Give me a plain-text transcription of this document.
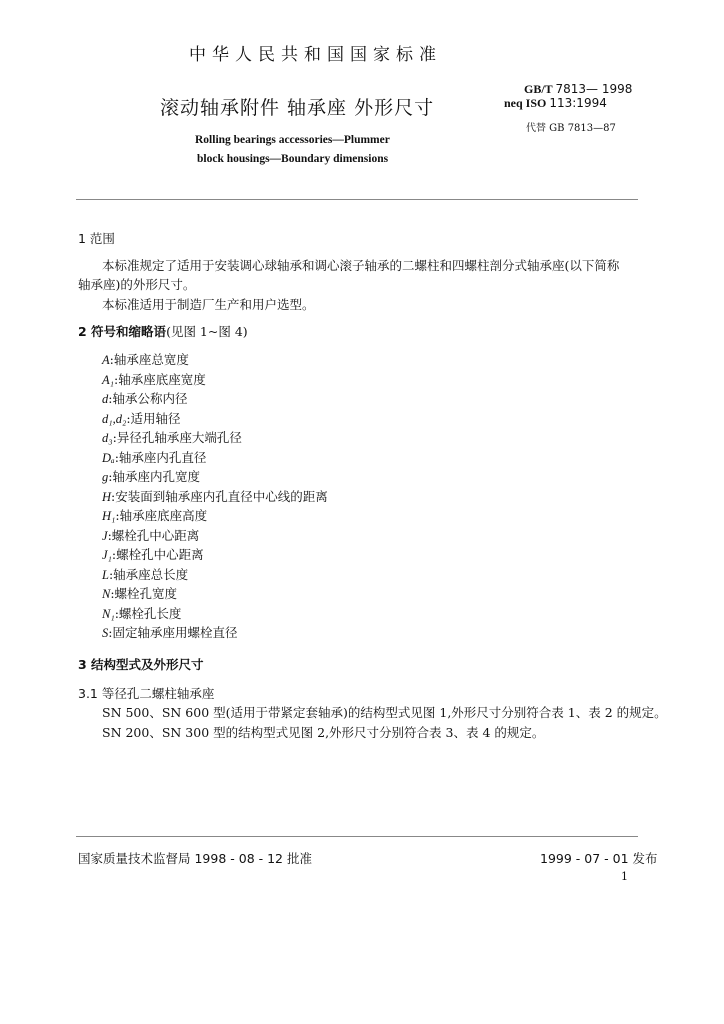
中华人民共和国国家标准
滚动轴承附件 轴承座 外形尺寸
GB/T 7813— 1998
neq ISO 113:1994
代替 GB 7813—87
Rolling bearings accessories—Plummer
block housings—Boundary dimensions
1 范围
本标准规定了适用于安装调心球轴承和调心滚子轴承的二螺柱和四螺柱剖分式轴承座(以下简称
轴承座)的外形尺寸。
本标准适用于制造厂生产和用户选型。
2 符号和缩略语(见图 1~图 4)
A:轴承座总宽度
A₁:轴承座底座宽度
d:轴承公称内径
d₁,d₂:适用轴径
d₃:异径孔轴承座大端孔径
Dₐ:轴承座内孔直径
g:轴承座内孔宽度
H:安装面到轴承座内孔直径中心线的距离
H₁:轴承座底座高度
J:螺栓孔中心距离
J₁:螺栓孔中心距离
L:轴承座总长度
N:螺栓孔宽度
N₁:螺栓孔长度
S:固定轴承座用螺栓直径
3 结构型式及外形尺寸
3.1 等径孔二螺柱轴承座
SN 500、SN 600 型(适用于带紧定套轴承)的结构型式见图 1,外形尺寸分别符合表 1、表 2 的规定。
SN 200、SN 300 型的结构型式见图 2,外形尺寸分别符合表 3、表 4 的规定。
国家质量技术监督局 1998 - 08 - 12 批准	1999 - 07 - 01 发布
1
